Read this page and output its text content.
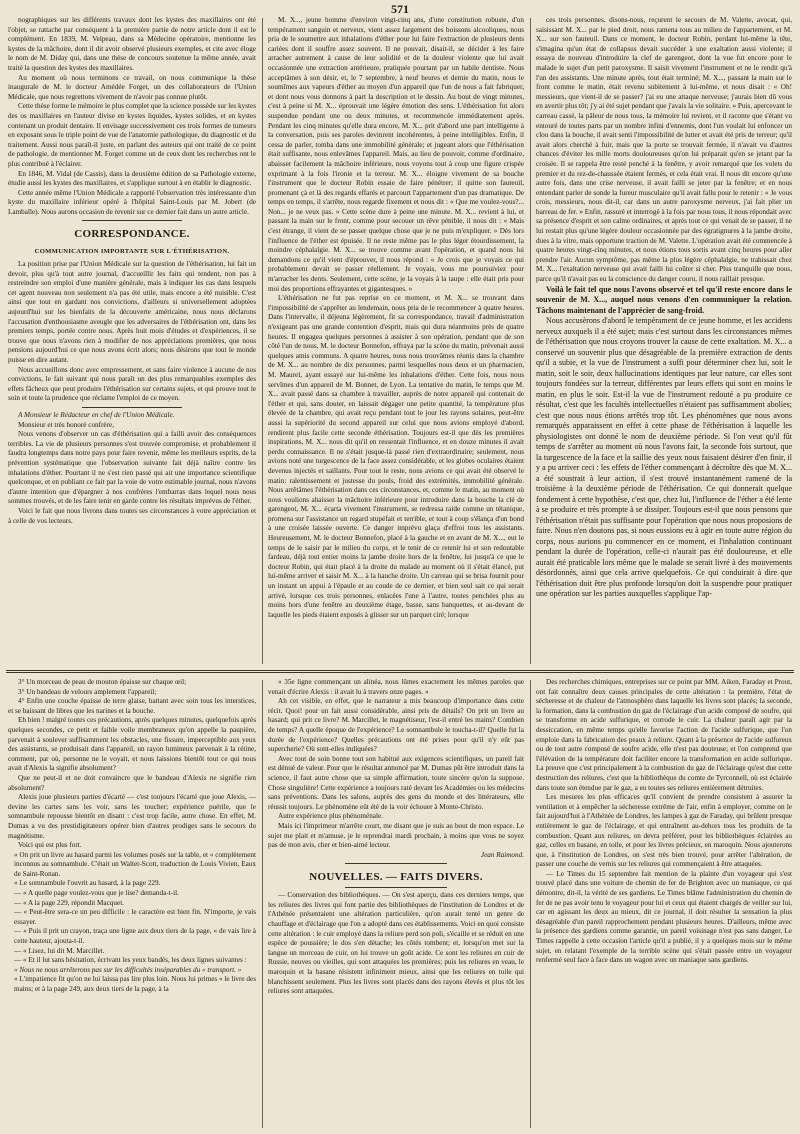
571

nographiques sur les différents travaux dont les kystes des maxillaires ont été l'objet, se rattache par conséquent à la première partie de notre article dont il est le complément. En 1839, M. Velpeau, dans sa Médecine opératoire, mentionne les kystes de la mâchoire, dont il dit avoir observé plusieurs exemples, et cite avec éloge le nom de M. Diday qui, dans une thèse de concours soutenue la même année, avait traité la question des kystes des maxillaires.

Au moment où nous terminons ce travail, on nous communique la thèse inaugurale de M. le docteur Amédée Forget, un des collaborateurs de l'Union Médicale, que nous regrettons vivement de n'avoir pas connue plutôt.

Cette thèse forme le mémoire le plus complet que la science possède sur les kystes des os maxillaires en l'auteur divise en kystes liquides, kystes solides, et en kystes contenant un produit dentaire. Il envisage successivement ces trois formes de tumeurs en exposant sous le triple point de vue de l'anatomie pathologique, du diagnostic et du traitement. Aussi nous paraît-il juste, en parlant des auteurs qui ont traité de ce point de pathologie, de mentionner M. Forget comme un de ceux dont les recherches ont le plus contribué à l'éclairer.

En 1846, M. Vidal (de Cassis), dans la deuxième édition de sa Pathologie externe, étudie aussi les kystes des maxillaires, et s'applique surtout à en établir le diagnostic.

Cette année même l'Union Médicale a rapporté l'observation très intéressante d'un kyste du maxillaire inférieur opéré à l'hôpital Saint-Louis par M. Jobert (de Lamballe). Nous aurons occasion de revenir sur ce dernier fait dans un autre article.

CORRESPONDANCE.

COMMUNICATION IMPORTANTE SUR L'ÉTHÉRISATION.

La position prise par l'Union Médicale sur la question de l'éthérisation, lui fait un devoir, plus qu'à tout autre journal, d'accueillir les faits qui tendent, non pas à restreindre son emploi d'une manière générale, mais à indiquer les cas dans lesquels cet agent nouveau non seulement n'a pas été utile, mais encore a été nuisible. C'est ainsi que tout en gardant nos convictions, d'ailleurs si universellement adoptées aujourd'hui sur les bienfaits de la découverte américaine, nous nous déclarons l'accusation d'enthousiasme aveugle que les adversaires de l'éthérisation ont, dans les premiers temps, portée contre nous. Après huit mois d'études et d'expériences, il se trouve que nous n'avons rien à modifier de nos appréciations premières, que nous pensions aujourd'hui ce que nous avons écrit alors; nous désirons que tout le monde puisse en dire autant.

Nous accueillons donc avec empressement, et sans faire violence à aucune de nos convictions, le fait suivant qui nous paraît un des plus remarquables exemples des effets fâcheux que peut produire l'éthérisation sur certains sujets, et qui prouve tout le soin et toute la prudence que réclame l'emploi de ce moyen.

A Monsieur le Rédacteur en chef de l'Union Médicale.

Monsieur et très honoré confrère,

Nous venons d'observer un cas d'éthérisation qui a failli avoir des conséquences terribles. La vie de plusieurs personnes s'est trouvée compromise, et probablement il faudra longtemps dans notre pays pour faire revenir, même les meilleurs esprits, de la prévention systématique que l'observation suivante fait déjà naître contre les inhalations d'éther. Pourtant il ne s'est rien passé qui ait une importance scientifique quelconque, et en publiant ce fait par la voie de votre estimable journal, nous n'avons d'autre intention que d'épargner à nos confrères l'embarras dans lequel nous nous sommes trouvés, et de les faire tenir en garde contre les résultats imprévus de l'éther.

Voici le fait que nous livrons dans toutes ses circonstances à votre appréciation et à celle de vos lecteurs.

M. X..., jeune homme d'environ vingt-cinq ans, d'une constitution robuste, d'un tempérament sanguin et nerveux, vient assez largement des boissons alcooliques, nous pria de le soumettre aux inhalations d'éther pour lui faire l'extraction de plusieurs dents cariées dont il souffre assez souvent. Il ne pouvait, disait-il, se décider à les faire arracher autrement à cause de leur solidité et de la douleur violente que lui avait occasionnée une extraction antérieure, pratiquée pourtant par un habile dentiste. Nous acceptâmes à son désir, et, le 7 septembre, à neuf heures et demie du matin, nous le soumîmes aux vapeurs d'éther au moyen d'un appareil que l'un de nous a fait fabriquer, et dont nous vous donnons à part la description et le dessin. Au bout de vingt minutes, c'est à peine si M. X... éprouvait une légère émotion des sens. L'éthérisation fut alors suspendue pendant une ou deux minutes, et recommencée immédiatement après. Pendant les cinq minutes qu'elle dura encore, M. X... prit d'abord une part intelligente à la conversation, puis ses paroles devinrent incohérentes, à peine intelligibles. Enfin, il cessa de parler, tomba dans une immobilité générale; et jugeant alors que l'éthérisation était suffisante, nous enlevâmes l'appareil. Mais, au lieu de pouvoir, comme d'ordinaire, abaisser facilement la mâchoire inférieure, nous voyons tout à coup une figure crispée exprimant à la fois l'ironie et la terreur. M. X... éloigne vivement de sa bouche l'instrument que le docteur Robin essaie de faire pénétrer; il quitte son fauteuil, promenant çà et là des regards effarés et parcourt l'appartement d'un pas dramatique. De temps en temps, il s'arrête, nous regarde fixement et nous dit : « Que me voulez-vous?... Non... je ne veux pas. » Cette scène dure à peine une minute. M. X... revient à lui, et passant la main sur le front, comme pour secouer un rêve pénible, il nous dit : « Mais c'est étrange, il vient de se passer quelque chose que je ne puis m'expliquer. » Dès lors l'influence de l'éther est épuisée. Il ne reste même pas le plus léger étourdissement, la moindre céphalalgie. M. X... se trouve comme avant l'opération, et quand nous lui demandons ce qu'il vient d'éprouver, il nous répond : « Je crois que je voyais ce qui probablement devait se passer réellement. Je voyais, vous me poursuiviez pour m'arracher les dents. Seulement, cette scène, je la voyais à la taupe : elle était pris pour moi des proportions effrayantes et gigantesques. »

L'éthérisation ne fut pas reprise en ce moment, et M. X... se trouvant dans l'impossibilité de s'apprêter au lendemain, nous pria de le recommencer à quatre heures. Dans l'intervalle, il déjeuna légèrement, fit sa correspondance, travail d'administration n'exigeant pas une grande contention d'esprit, mais qui dura néanmoins près de quatre heures. Il engagea quelques personnes à assister à son opération, pendant que de son côté l'un de nous, M. le docteur Bonnefon, effraya par la scène du matin, prévenait aussi quelques amis communs. A quatre heures, nous nous trouvâmes réunis dans la chambre de M. X... au nombre de dix personnes, parmi lesquelles nous deux et un pharmacien, M. Maurel, ayant essayé sur lui-même les inhalations d'éther. Cette fois, nous nous servîmes d'un appareil de M. Bonnet, de Lyon. La tentative du matin, le temps que M. X... avait passé dans sa chambre à travailler, auprès de notre appareil qui contenait de l'éther et qui, sans douter, en laissait dégager une petite quantité, la température plus élevée de la chambre, qui avait reçu pendant tout le jour les rayons solaires, peut-être aussi la supériorité du second appareil sur celui que nous avions employé d'abord, rendirent plus facile cette seconde éthérisation. Toujours est-il que dès les premières inspirations, M. X... nous dit qu'il en ressentait l'influence, et en douze minutes il avait perdu connaissance. Il ne s'était jusque-là passé rien d'extraordinaire; seulement, nous avions noté une turgescence de la face assez considérable, et les globes oculaires étaient devenus injectés et saillants. Pour tout le reste, nous avions ce qui avait été observé le matin: ralentissement et justesse du pouls, froid des extrémités, immobilité générale. Nous arrêtâmes l'éthérisation dans ces circonstances, et, comme le matin, au moment où nous voulions abaisser la mâchoire inférieure pour introduire dans la bouche la clé de garengeot, M. X... écarta vivement l'instrument, se redressa raide comme un tétanique, promena sur l'assistance un regard stupéfait et terrible, et tout à coup s'élança d'un bond à une croisée laissée ouverte. Ce danger imprévu glaça d'effroi tous les assistants. Heureusement, M. le docteur Bonnefon, placé à la gauche et en avant de M. X..., eut le temps de le saisir par le milieu du corps, et le tenir de ce retenir lui et son redoutable fardeau, déjà tout entier moins la jambe droite hors de la fenêtre, lui jusqu'à ce que le docteur Robin, qui était placé à la droite du malade au moment où il s'était élancé, put lui-même arriver et saisir M. X... à la hauche droite. Un carreau qui se brisa fournit pour un instant un appui à l'épaule et au coude de ce dernier, et bien seul sait ce qui serait arrivé, lorsque ces trois personnes, enlacées l'une à l'autre, toutes penchées plus au moins hors d'une fenêtre au deuxième étage, basse, sans banquettes, et au-devant de laquelle les pieds étaient exposés à glisser sur un parquet ciré; lorsque

ces trois personnes, disons-nous, reçurent le secours de M. Valette, avocat, qui, saisissant M. X... par le pied droit, nous ramena tous au milieu de l'appartement, et M. X... sur son fauteuil. Dans ce moment, le docteur Robin, perdant lui-même la tête, s'imagina qu'un état de collapsus devait succéder à une exaltation aussi violente; il essaya de nouveau d'introduire la clef de garengeot, dont la vue fut encore pour le malade le sujet d'un petit paroxysme. Il saisit vivement l'instrument et ne le rendit qu'à l'un des assistants. Une minute après, tout était terminé; M. X..., passant la main sur le front comme le matin, était revenu subitement à lui-même, et nous disait : « Oh! messieurs, que vient-il de se passer? j'ai eu une attaque nerveuse; j'aurais bien dû vous en avertir plus tôt; j'y ai été sujet pendant que j'avais la vie solitaire. » Puis, apercevant le carreau cassé, la pâleur de nous tous, la mémoire lui revient, et il raconte que s'étant vu entouré de toutes parts par un nombre infini d'ennemis, dont l'un voulait lui enfoncer un clou dans la bouche, il avait senti l'impossibilité de lutter et avait été pris de terreur; qu'il avait alors cherché à fuir, mais que la porte se trouvait fermée, il n'avait vu d'autres chances d'éviter les mille morts douloureuses qu'on lui préparait qu'en se jetant par la croisée. Il se rappela être resté penché à la fenêtre, y avoir remarqué que les volets du premier et du rez-de-chaussée étaient fermés, et cela était vrai. Il nous dit encore qu'une autre fois, dans une crise nerveuse, il avait failli se jeter par la fenêtre; et en nous entendant parler de sonde la fureur musculaire qu'il avait fallu pour le retenir : « Je vous crois, messieurs, nous dit-il, car dans un autre paroxysme nerveux, j'ai fait plier un barreau de fer. » Enfin, rassuré et interrogé à la fois par nous tous, il nous répondait avec sa présence d'esprit et son calme ordinaires, et après tout ce qui venait de se passer, il ne lui restait plus qu'une légère douleur occasionnée par des égratignures à la jambe droite, dues à la vitre, mais opportune traction de M. Valette. L'opération avait été commencée à quatre heures vingt-cinq minutes, et nous étions tous sortis avant cinq heures pour aller prendre l'air. Aucun symptôme, pas même la plus légère céphalalgie, ne trahissait chez M. X... l'exaltation nerveuse qui avait failli lui coûter si cher. Plus tranquille que nous, parce qu'il n'avait pas eu la conscience du danger couru, il nous raillait presque.

Voilà le fait tel que nous l'avons observé et tel qu'il reste encore dans le souvenir de M. X..., auquel nous venons d'en communiquer la relation. Tâchons maintenant de l'apprécier de sang-froid.

Nous accusèrons d'abord le tempérament de ce jeune homme, et les accidens nerveux auxquels il a été sujet; mais c'est surtout dans les circonstances mêmes de l'éthérisation que nous croyons trouver la cause de cette exaltation. M. X... a conservé un souvenir plus que désagréable de la première extraction de dents qu'il a subie, et la vue de l'instrument a suffi pour déterminer chez lui, soit le matin, soit le soir, deux hallucinations identiques par leur nature, car elles sont toujours fondées sur la terreur, différentes par leurs effets qui sont en moins le matin, en plus le soir. Est-il la vue de l'instrument redouté a pu produire ce résultat, c'est que les facultés intellectuelles n'étaient pas suffisamment abolies; c'est que nous nous étions arrêtés trop tôt. Les phénomènes que nous avons remarqués apparaissent en effet à cette phase de l'éthérisation à laquelle les physiologistes ont donné le nom de deuxième période. Si l'on veut qu'il fût temps de s'arrêter au moment où nous l'avons fait, la seconde fois surtout, que la turgescence de la face et la saillie des yeux nous faisaient désirer d'en finir, il y a pu arriver ceci : les effets de l'éther commençant à décroître dès que M. X... a été soustrait à leur action, il s'est trouvé instantanément ramené de la troisième à la deuxième période de l'éthérisation. Ce qui donnerait quelque fondement à cette hypothèse, c'est que, chez lui, l'influence de l'éther a été lente à se produire et très prompte à se dissiper. Toujours est-il que nous pensons que l'éthérisation n'était pas suffisante pour l'opération que nous nous proposions de faire. Nous n'en doutons pas, si nous eussions eu à agir en toute autre région du corps, nous aurions pu commencer en ce moment, et l'inhalation continuant pendant la durée de l'opération, celle-ci n'aurait pas été douloureuse, et elle aurait été praticable lors même que le malade se serait livré à des mouvements désordonnés, ainsi que cela arrive quelquefois. Ce qui conduirait à dire que l'éthérisation doit être plus profonde lorsqu'on doit la suspendre pour pratiquer une opération sur les parties auxquelles s'applique l'ap-

3° Un morceau de peau de mouton épaisse sur chaque œil;

3° Un bandeau de velours amplement l'appareil;

4° Enfin une couche épaisse de terre glaise, battant avec soin tous les interstices, et se baissant de libres que les narines et la bouche.

Eh bien ! malgré toutes ces précautions, après quelques minutes, quelquefois après quelques secondes, ce petit et faible voile membraneux qu'on appelle la paupière, parvenait à soulever suffisamment les obstacles, une fissure, imperceptible aux yeux des assistants, se produisait dans l'appareil, un rayon lumineux parvenait à la rétine, comment, par où, personne ne le voyait, et nous laissions bientôt tout ce qui nous avait d'Alexis la signifie absolument?

Que ne peut-il et ne doit convaincre que le bandeau d'Alexis ne signifie rien absolument?

Alexis joue plusieurs parties d'écarté — c'est toujours l'écarté que joue Alexis, — devine les cartes sans les voir, sans les toucher; expérience puérile, que le somnambule repousse bientôt en disant : c'est trop facile, autre chose. En effet, M. Dumas a vu des prestidigitateurs opérer bien d'autres prodiges sans le secours du magnétisme.

Voici qui est plus fort.

« On prit un livre au hasard parmi les volumes posés sur la table, et « complètement inconnus au somnambule. C'était un Walter-Scott, traduction de Louis Vivien, Eaux de Saint-Ronan.

« Le somnambule l'ouvrit au hasard, à la page 229.

— « A quelle page voulez-vous que je lise? demanda-t-il.

— « A la page 229, répondit Macquet.

— « Peut-être sera-ce un peu difficile : le caractère est bien fin. N'importe, je vais essayer.

— « Puis il prit un crayon, traça une ligne aux deux tiers de la page, « de vais lire à cette hauteur, ajouta-t-il.

— « Lisez, lui dit M. Marcillet.

— « Et il lut sans hésitation, écrivant les yeux bandés, les deux lignes suivantes :

« Nous ne nous arrêterons pas sur les difficultés inséparables du « transport. »

« L'impatience fit qu'on ne lui laissa pas lire plus loin. Nous lui primes « le livre des mains; et à la page 249, aux deux tiers de la page, à la

« 35e ligne commençant un alinéa, nous lûmes exactement les mêmes paroles que venait d'écrire Alexis : il avait lu à travers onze pages. »

Ah cet visible, en effet, que le narrateur a mis beaucoup d'importance dans cette récit. Quoi! pour un fait aussi considérable, ainsi pris de détails? On prit un livre au hasard; qui prit ce livre? M. Marcillet, le magnétiseur, l'est-il entré les mains? Combien de temps? A quelle époque de l'expérience? Le somnambule le toucha-t-il? Quelle fut la durée de l'expérience? Quelles précautions ont été prises pour qu'il n'y eût pas supercherie? Où sont-elles indiquées?

Avec tout de soin bonne tout son habitué aux exigences scientifiques, un pareil fait est dénué de valeur. Pour que le résultat annoncé par M. Dumas pût être introduit dans la science, il faut autre chose que sa simple affirmation, toute sincère qu'on la suppose. Chose singulière! Cette expérience a toujours raté devant les Académies ou les médecins sans préventions. Dans les salons, auprès des gens du monde et des littérateurs, elle réussit toujours. Le phénomène eût été de la voir échouer à Monte-Christo.

Autre expérience plus phénoménale.

Mais ici l'imprimeur m'arrête court, me disant que je suis au bout de mon espace. Le sujet me plait et m'amuse, je le reprendrai mardi prochain, à moins que vous ne soyez pas de mon avis, cher et bien-aimé lecteur.

Jean Raimond.

NOUVELLES. — FAITS DIVERS.

— Conservation des bibliothèques. — On s'est aperçu, dans ces derniers temps, que les reliures des livres qui font partie des bibliothèques de l'institution de Londres et de l'Athénée présentaient une altération particulière, qu'on aurait tenté un genre de chauffage et d'éclairage que l'on a adopté dans ces établissements. Voici en quoi consiste cette altération : le cuir employé dans la reliure perd son poli, s'écaille et se réduit en une espèce de poussière; le dos s'en détache; les côtés tombent; et, lorsqu'on met sur la langue un morceau de cuir, on lui trouve un goût acide. Ce sont les reliures en cuir de Russie, neuves ou vieilles, qui sont attaquées les premières; puis les reliures en veau, le maroquin et la basane résistent infiniment mieux, ainsi que les reliures en toile qui blanchissent seulement. Plus les livres sont placés dans des rayons élevés et plus tôt les reliures sont attaquées.

Des recherches chimiques, entreprises sur ce point par MM. Aiken, Faraday et Prout, ont fait connaître deux causes principales de cette altération : la première, l'état de sécheresse et de chaleur de l'atmosphère dans laquelle les livres sont placés; la seconde, la formation, dans la combustion du gaz de l'éclairage d'un acide composé de soufre, qui se transforme en acide sulfurique, et corrode le cuir. La chaleur paraît agir par la dessiccation, en même temps qu'elle favorise l'action de l'acide sulfurique, que l'on emploie dans la fabrication des peaux à reliure. Quant à la présence de l'acide sulfureux ou de tout autre composé de soufre acide, elle n'est pas douteuse; et l'on comprend que l'élévation de la température doit faciliter encore la transformation en acide sulfurique. La preuve que c'est principalement à la combustion du gaz de l'éclairage qu'est due cette destruction des reliures, c'est que la bibliothèque du comte de Tyrconnell, où est éclairée dans toute son étendue par le gaz, a eu toutes ses reliures entièrement détruites.

Les mesures les plus efficaces qu'il convient de prendre consistent à assurer la ventilation et à empêcher la sécheresse extrême de l'air, enfin à employer, comme on le fait aujourd'hui à l'Athénée de Londres, les lampes à gaz de Faraday, qui brûlent presque entièrement le gaz de l'éclairage, et qui entraînent au-dehors tous les produits de la combustion. Quant aux reliures, on devra préférer, pour les bibliothèques éclairées au gaz, celles en basane, en toile, et pour les livres précieux, en maroquin. Nous ajouterons que, à l'institution de Londres, on s'est très bien trouvé, pour arrêter l'altération, de passer une couche de vernis sur les reliures qui commençaient à être attaquées.

— Le Times du 15 septembre fait mention de la plainte d'un voyageur qui s'est trouvé placé dans une voiture de chemin de fer de Brighton avec un maniaque, ce qui démontre, dit-il, la vérité de ses gardiens. Le Times blâme l'administration du chemin de fer de ne pas avoir tenu le voyageur pour lui et ceux qui étaient chargés de veiller sur lui, car en agissant les deux au mieux, dit ce journal, il doit résulter la sensation la plus désagréable d'un pareil rapprochement pendant plusieurs heures. D'ailleurs, même avec la présence des gardiens comme garantie, un pareil voisinage n'est pas sans danger. Le Times rappelle à cette occasion l'article qu'il a publié, il y a quelques mois sur le même sujet, en relatant l'exemple de la terrible scène qui s'était passée entre un voyageur renfermé seul face à face dans un wagon avec un maniaque sans gardiens.
